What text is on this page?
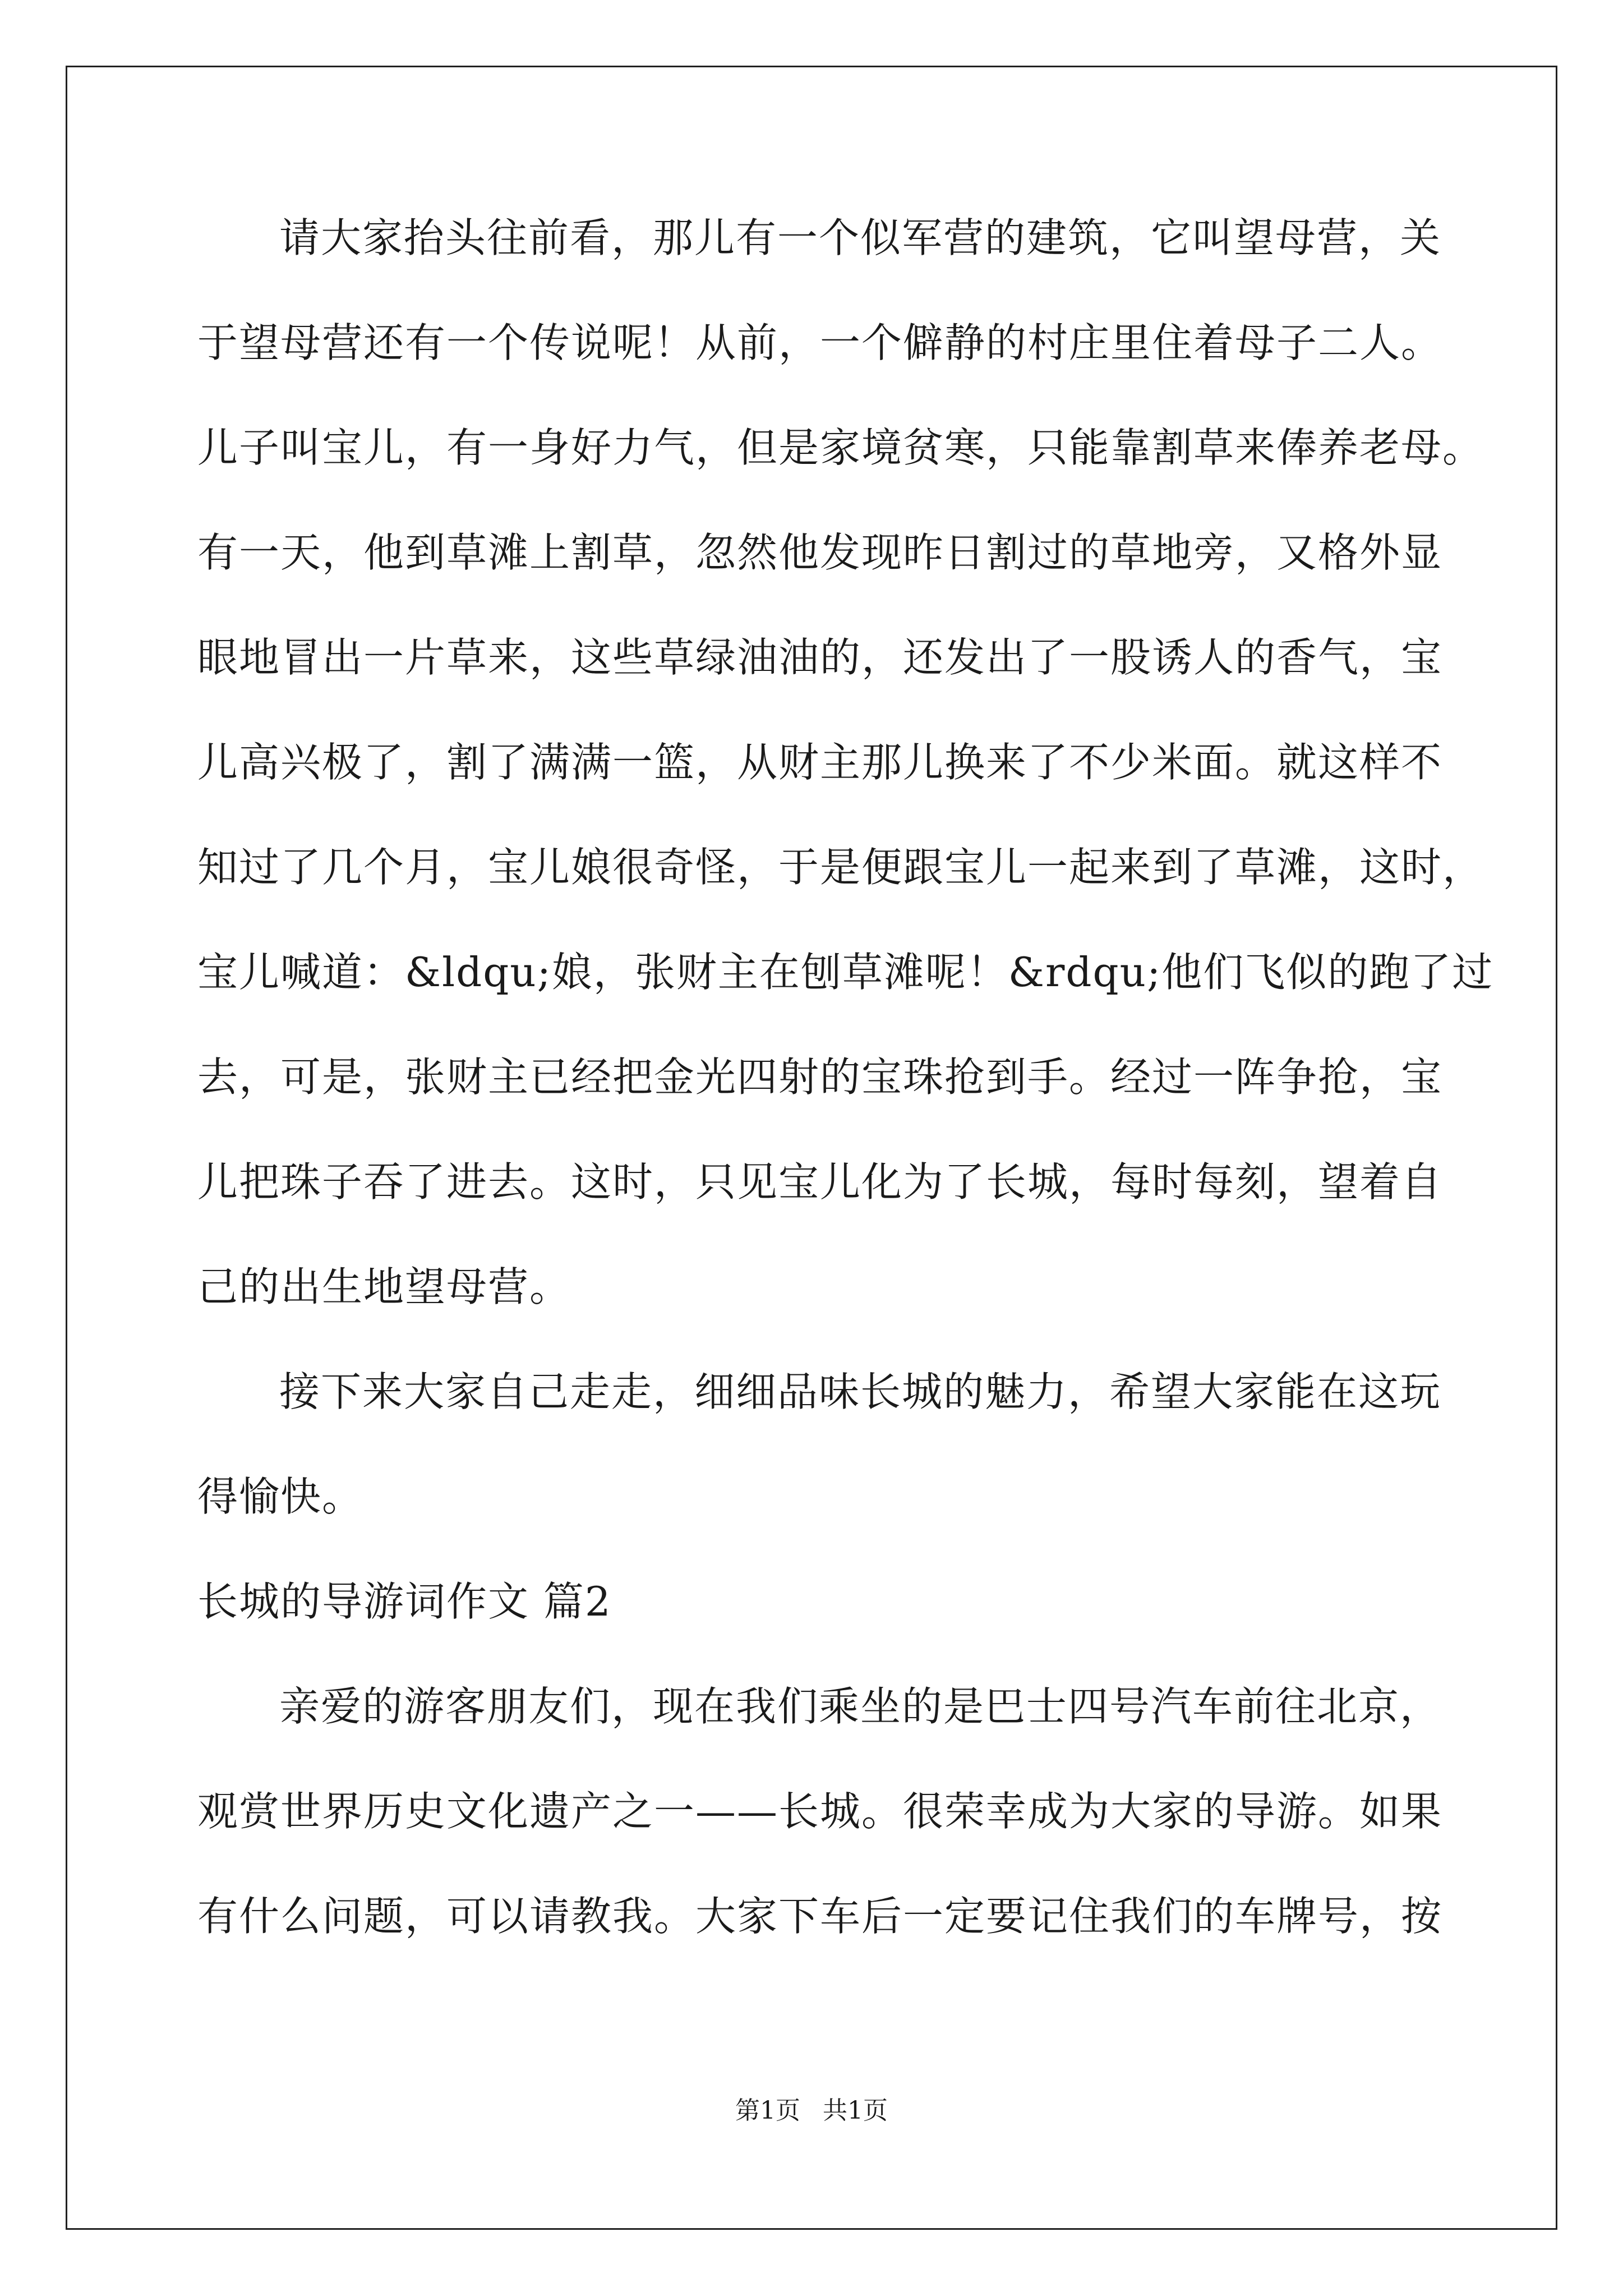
请大家抬头往前看，那儿有一个似军营的建筑，它叫望母营，关
于望母营还有一个传说呢！从前，一个僻静的村庄里住着母子二人。
儿子叫宝儿，有一身好力气，但是家境贫寒，只能靠割草来俸养老母。
有一天，他到草滩上割草，忽然他发现昨日割过的草地旁，又格外显
眼地冒出一片草来，这些草绿油油的，还发出了一股诱人的香气，宝
儿高兴极了，割了满满一篮，从财主那儿换来了不少米面。就这样不
知过了几个月，宝儿娘很奇怪，于是便跟宝儿一起来到了草滩，这时，
宝儿喊道：&ldqu;娘，张财主在刨草滩呢！&rdqu;他们飞似的跑了过
去，可是，张财主已经把金光四射的宝珠抢到手。经过一阵争抢，宝
儿把珠子吞了进去。这时，只见宝儿化为了长城，每时每刻，望着自
己的出生地望母营。
接下来大家自己走走，细细品味长城的魅力，希望大家能在这玩
得愉快。
长城的导游词作文 篇2
亲爱的游客朋友们，现在我们乘坐的是巴士四号汽车前往北京，
观赏世界历史文化遗产之一——长城。很荣幸成为大家的导游。如果
有什么问题，可以请教我。大家下车后一定要记住我们的车牌号，按
第1页 共1页
